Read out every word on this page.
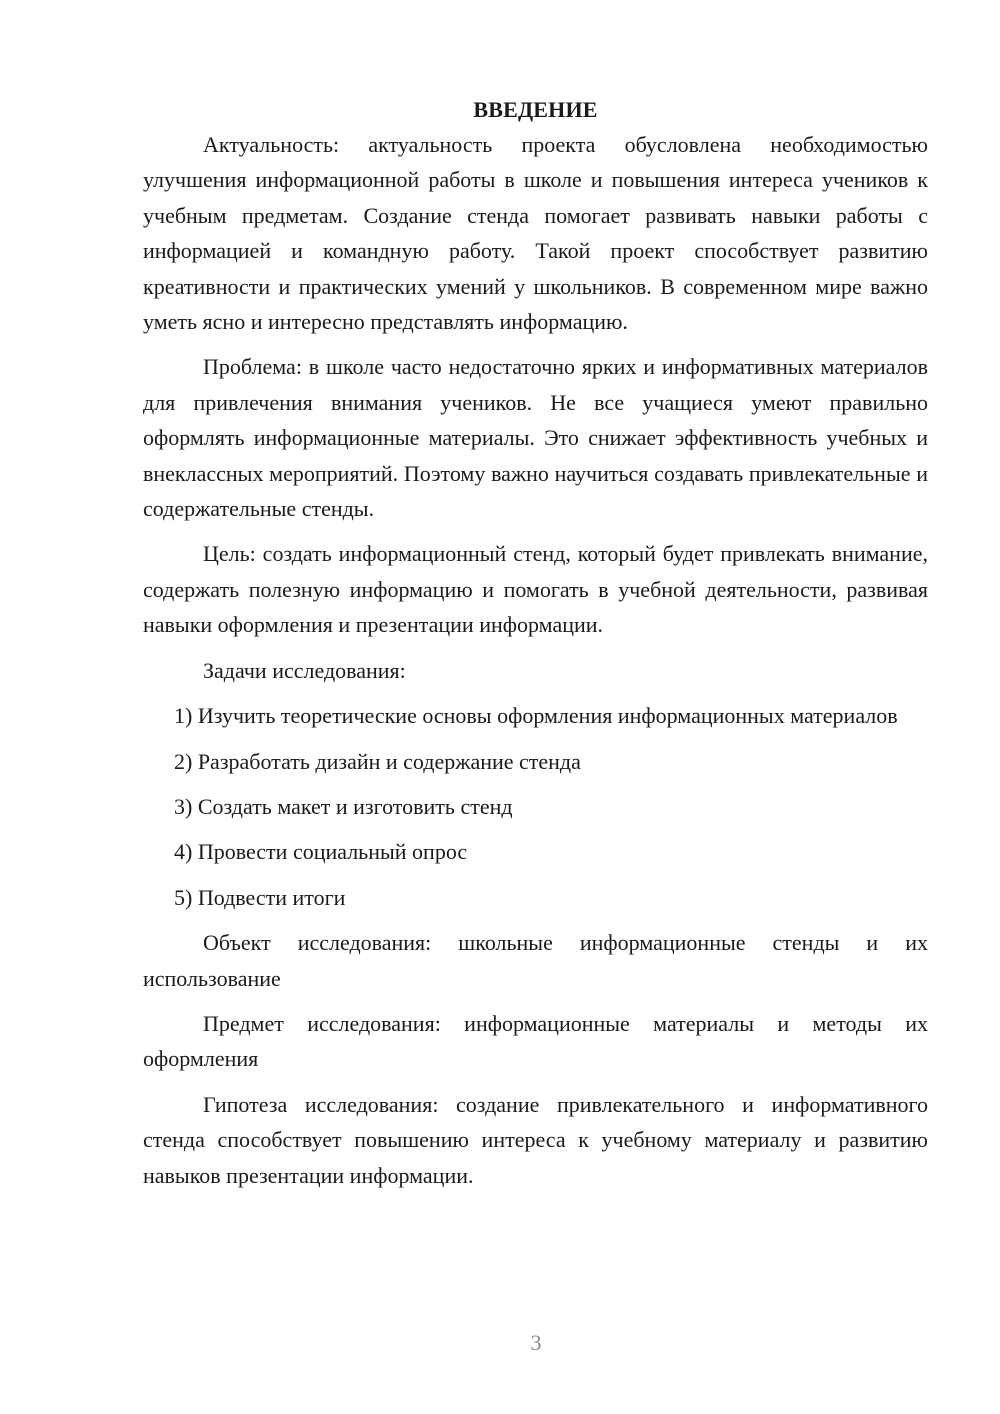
ВВЕДЕНИЕ

Актуальность: актуальность проекта обусловлена необходимостью улучшения информационной работы в школе и повышения интереса учеников к учебным предметам. Создание стенда помогает развивать навыки работы с информацией и командную работу. Такой проект способствует развитию креативности и практических умений у школьников. В современном мире важно уметь ясно и интересно представлять информацию.

Проблема: в школе часто недостаточно ярких и информативных материалов для привлечения внимания учеников. Не все учащиеся умеют правильно оформлять информационные материалы. Это снижает эффективность учебных и внеклассных мероприятий. Поэтому важно научиться создавать привлекательные и содержательные стенды.

Цель: создать информационный стенд, который будет привлекать внимание, содержать полезную информацию и помогать в учебной деятельности, развивая навыки оформления и презентации информации.

Задачи исследования:

1) Изучить теоретические основы оформления информационных материалов

2) Разработать дизайн и содержание стенда

3) Создать макет и изготовить стенд

4) Провести социальный опрос

5) Подвести итоги

Объект исследования: школьные информационные стенды и их использование

Предмет исследования: информационные материалы и методы их оформления

Гипотеза исследования: создание привлекательного и информативного стенда способствует повышению интереса к учебному материалу и развитию навыков презентации информации.

3
